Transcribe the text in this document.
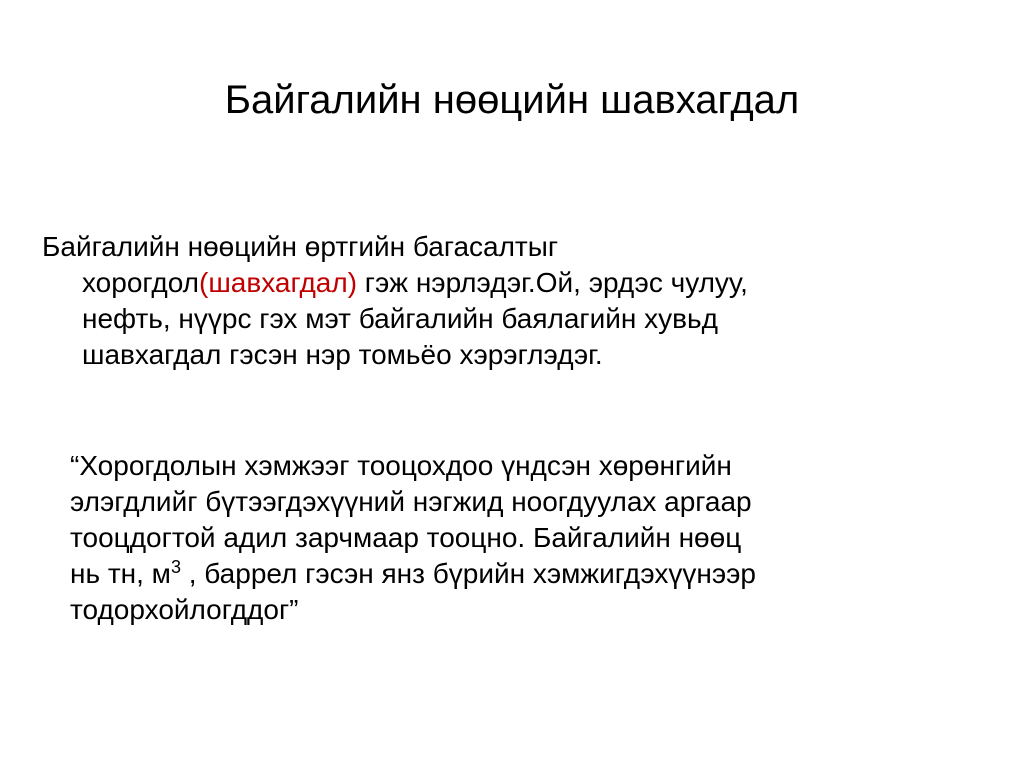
Байгалийн нөөцийн шавхагдал

Байгалийн нөөцийн өртгийн багасалтыг
хорогдол(шавхагдал) гэж нэрлэдэг.Ой, эрдэс чулуу,
нефть, нүүрс гэх мэт байгалийн баялагийн хувьд
шавхагдал гэсэн нэр томьёо хэрэглэдэг.

“Хорогдолын хэмжээг тооцохдоо үндсэн хөрөнгийн
элэгдлийг бүтээгдэхүүний нэгжид ноогдуулах аргаар
тооцдогтой адил зарчмаар тооцно. Байгалийн нөөц
нь тн, $м^3$ , баррел гэсэн янз бүрийн хэмжигдэхүүнээр
тодорхойлогддог”
